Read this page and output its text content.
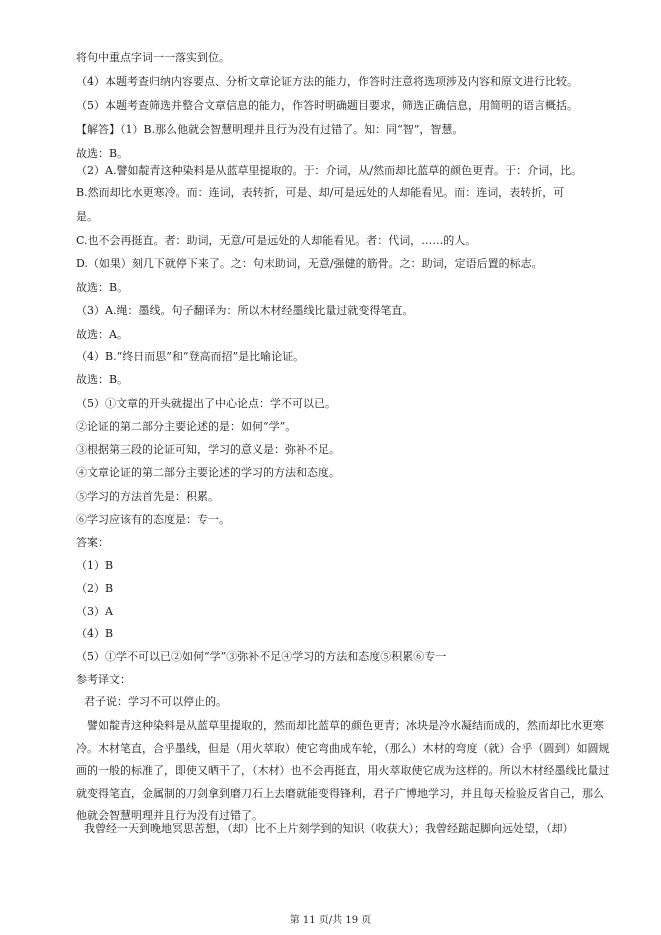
将句中重点字词一一落实到位。
（4）本题考查归纳内容要点、分析文章论证方法的能力，作答时注意将选项涉及内容和原文进行比较。
（5）本题考查筛选并整合文章信息的能力，作答时明确题目要求，筛选正确信息，用简明的语言概括。
【解答】（1）B.那么他就会智慧明理并且行为没有过错了。知：同“智”，智慧。
故选：B。
（2）A.譬如靛青这种染料是从蓝草里提取的。于：介词，从/然而却比蓝草的颜色更青。于：介词，比。
B.然而却比水更寒冷。而：连词，表转折，可是、却/可是远处的人却能看见。而：连词，表转折，可
是。
C.也不会再挺直。者：助词，无意/可是远处的人却能看见。者：代词，……的人。
D.（如果）刻几下就停下来了。之：句末助词，无意/强健的筋骨。之：助词，定语后置的标志。
故选：B。
（3）A.绳：墨线。句子翻译为：所以木材经墨线比量过就变得笔直。
故选：A。
（4）B.“终日而思”和“登高而招”是比喻论证。
故选：B。
（5）①文章的开头就提出了中心论点：学不可以已。
②论证的第二部分主要论述的是：如何“学”。
③根据第三段的论证可知，学习的意义是：弥补不足。
④文章论证的第二部分主要论述的学习的方法和态度。
⑤学习的方法首先是：积累。
⑥学习应该有的态度是：专一。
答案：
（1）B
（2）B
（3）A
（4）B
（5）①学不可以已②如何“学”③弥补不足④学习的方法和态度⑤积累⑥专一
参考译文：
君子说：学习不可以停止的。
譬如靛青这种染料是从蓝草里提取的，然而却比蓝草的颜色更青；冰块是冷水凝结而成的，然而却比水更寒冷。木材笔直，合乎墨线，但是（用火萃取）使它弯曲成车轮，（那么）木材的弯度（就）合乎（圆到）如圆规画的一般的标准了，即使又晒干了，（木材）也不会再挺直，用火萃取使它成为这样的。所以木材经墨线比量过就变得笔直，金属制的刀剑拿到磨刀石上去磨就能变得锋利，君子广博地学习，并且每天检验反省自己，那么他就会智慧明理并且行为没有过错了。
我曾经一天到晚地冥思苦想，（却）比不上片刻学到的知识（收获大）；我曾经踮起脚向远处望，（却）
第 11 页/共 19 页
